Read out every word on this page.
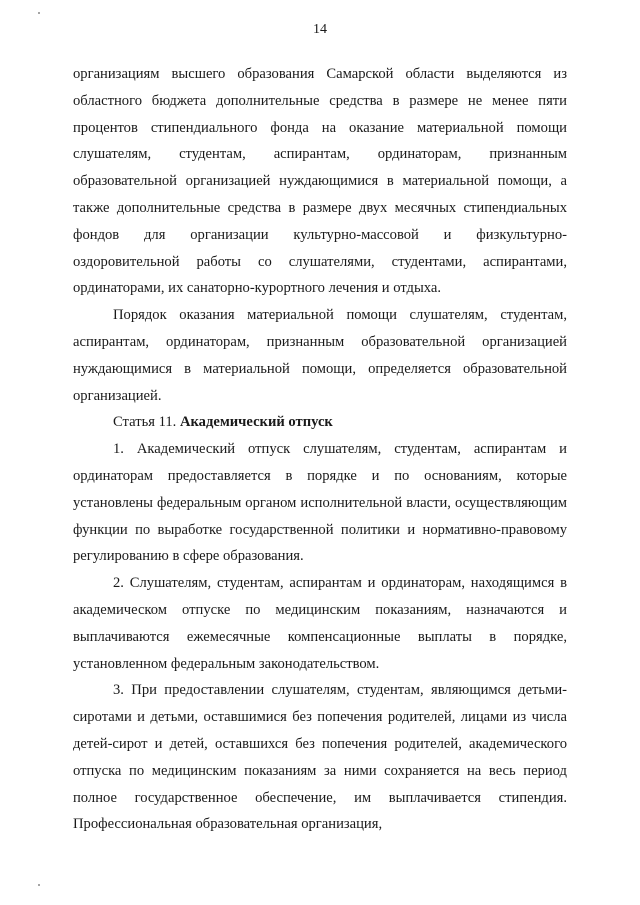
14

организациям высшего образования Самарской области выделяются из областного бюджета дополнительные средства в размере не менее пяти процентов стипендиального фонда на оказание материальной помощи слушателям, студентам, аспирантам, ординаторам, признанным образовательной организацией нуждающимися в материальной помощи, а также дополнительные средства в размере двух месячных стипендиальных фондов для организации культурно-массовой и физкультурно-оздоровительной работы со слушателями, студентами, аспирантами, ординаторами, их санаторно-курортного лечения и отдыха.

Порядок оказания материальной помощи слушателям, студентам, аспирантам, ординаторам, признанным образовательной организацией нуждающимися в материальной помощи, определяется образовательной организацией.

Статья 11. Академический отпуск

1. Академический отпуск слушателям, студентам, аспирантам и ординаторам предоставляется в порядке и по основаниям, которые установлены федеральным органом исполнительной власти, осуществляющим функции по выработке государственной политики и нормативно-правовому регулированию в сфере образования.

2. Слушателям, студентам, аспирантам и ординаторам, находящимся в академическом отпуске по медицинским показаниям, назначаются и выплачиваются ежемесячные компенсационные выплаты в порядке, установленном федеральным законодательством.

3. При предоставлении слушателям, студентам, являющимся детьми-сиротами и детьми, оставшимися без попечения родителей, лицами из числа детей-сирот и детей, оставшихся без попечения родителей, академического отпуска по медицинским показаниям за ними сохраняется на весь период полное государственное обеспечение, им выплачивается стипендия. Профессиональная образовательная организация,
